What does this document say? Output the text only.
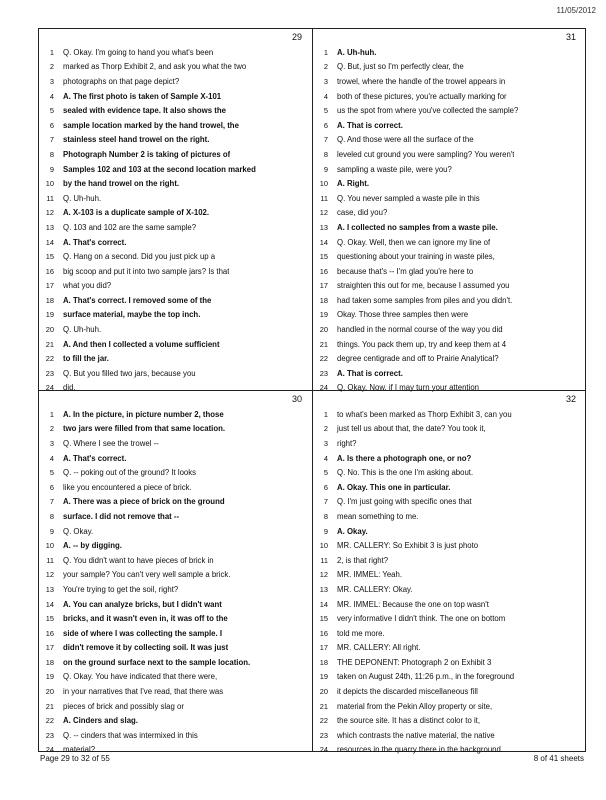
11/05/2012
29
1	Q. Okay. I'm going to hand you what's been
2	marked as Thorp Exhibit 2, and ask you what the two
3	photographs on that page depict?
4	A. The first photo is taken of Sample X-101
5	sealed with evidence tape. It also shows the
6	sample location marked by the hand trowel, the
7	stainless steel hand trowel on the right.
8	Photograph Number 2 is taking of pictures of
9	Samples 102 and 103 at the second location marked
10	by the hand trowel on the right.
11	Q. Uh-huh.
12	A. X-103 is a duplicate sample of X-102.
13	Q. 103 and 102 are the same sample?
14	A. That's correct.
15	Q. Hang on a second. Did you just pick up a
16	big scoop and put it into two sample jars? Is that
17	what you did?
18	A. That's correct. I removed some of the
19	surface material, maybe the top inch.
20	Q. Uh-huh.
21	A. And then I collected a volume sufficient
22	to fill the jar.
23	Q. But you filled two jars, because you
24	did.
31
1	A. Uh-huh.
2	Q. But, just so I'm perfectly clear, the
3	trowel, where the handle of the trowel appears in
4	both of these pictures, you're actually marking for
5	us the spot from where you've collected the sample?
6	A. That is correct.
7	Q. And those were all the surface of the
8	leveled cut ground you were sampling? You weren't
9	sampling a waste pile, were you?
10	A. Right.
11	Q. You never sampled a waste pile in this
12	case, did you?
13	A. I collected no samples from a waste pile.
14	Q. Okay. Well, then we can ignore my line of
15	questioning about your training in waste piles,
16	because that's -- I'm glad you're here to
17	straighten this out for me, because I assumed you
18	had taken some samples from piles and you didn't.
19	Okay. Those three samples then were
20	handled in the normal course of the way you did
21	things. You pack them up, try and keep them at 4
22	degree centigrade and off to Prairie Analytical?
23	A. That is correct.
24	Q. Okay. Now, if I may turn your attention
30
1	A. In the picture, in picture number 2, those
2	two jars were filled from that same location.
3	Q. Where I see the trowel --
4	A. That's correct.
5	Q. -- poking out of the ground? It looks
6	like you encountered a piece of brick.
7	A. There was a piece of brick on the ground
8	surface. I did not remove that --
9	Q. Okay.
10	A. -- by digging.
11	Q. You didn't want to have pieces of brick in
12	your sample? You can't very well sample a brick.
13	You're trying to get the soil, right?
14	A. You can analyze bricks, but I didn't want
15	bricks, and it wasn't even in, it was off to the
16	side of where I was collecting the sample. I
17	didn't remove it by collecting soil. It was just
18	on the ground surface next to the sample location.
19	Q. Okay. You have indicated that there were,
20	in your narratives that I've read, that there was
21	pieces of brick and possibly slag or
22	A. Cinders and slag.
23	Q. -- cinders that was intermixed in this
24	material?
32
1	to what's been marked as Thorp Exhibit 3, can you
2	just tell us about that, the date? You took it,
3	right?
4	A. Is there a photograph one, or no?
5	Q. No. This is the one I'm asking about.
6	A. Okay. This one in particular.
7	Q. I'm just going with specific ones that
8	mean something to me.
9	A. Okay.
10	MR. CALLERY: So Exhibit 3 is just photo
11	2, is that right?
12	MR. IMMEL: Yeah.
13	MR. CALLERY: Okay.
14	MR. IMMEL: Because the one on top wasn't
15	very informative I didn't think. The one on bottom
16	told me more.
17	MR. CALLERY: All right.
18	THE DEPONENT: Photograph 2 on Exhibit 3
19	taken on August 24th, 11:26 p.m., in the foreground
20	it depicts the discarded miscellaneous fill
21	material from the Pekin Alloy property or site,
22	the source site. It has a distinct color to it,
23	which contrasts the native material, the native
24	resources in the quarry there in the background.
Page 29 to 32 of 55	8 of 41 sheets
